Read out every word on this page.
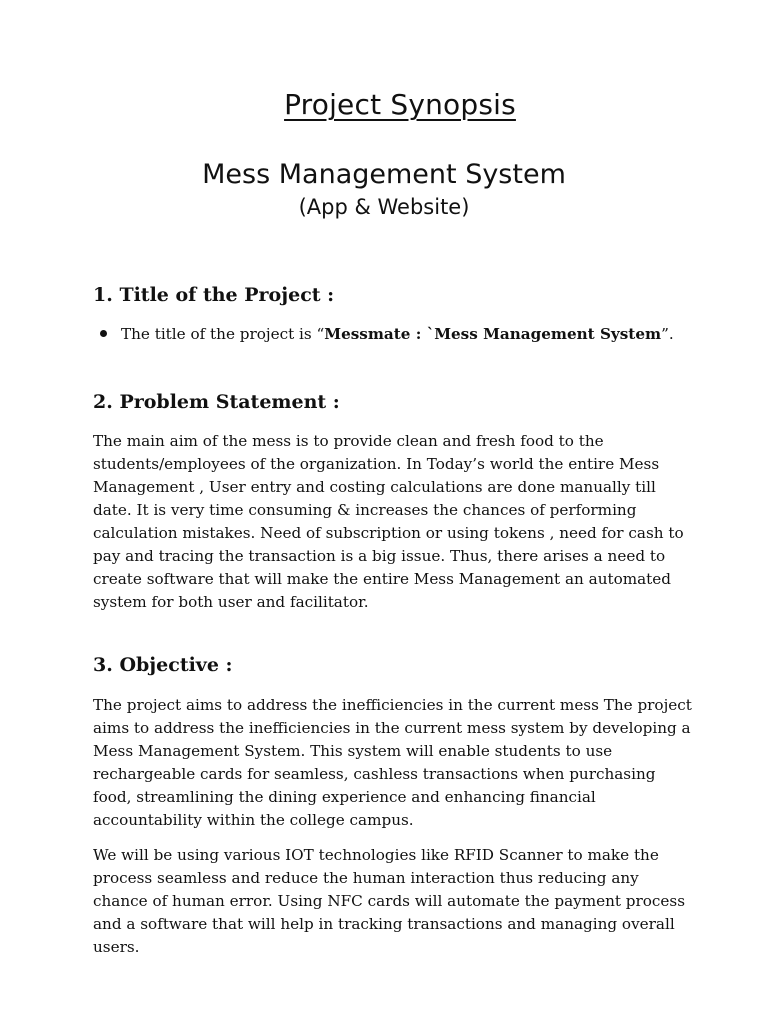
Project Synopsis
Mess Management System
(App & Website)
1. Title of the Project :
The title of the project is “Messmate : `Mess Management System”.
2. Problem Statement :

The main aim of the mess is to provide clean and fresh food to the students/employees of the organization. In Today’s world the entire Mess Management , User entry and costing calculations are done manually till date. It is very time consuming & increases the chances of performing calculation mistakes. Need of subscription or using tokens , need for cash to pay and tracing the transaction is a big issue. Thus, there arises a need to create software that will make the entire Mess Management an automated system for both user and facilitator.

3. Objective :

The project aims to address the inefficiencies in the current mess The project aims to address the inefficiencies in the current mess system by developing a Mess Management System. This system will enable students to use rechargeable cards for seamless, cashless transactions when purchasing food, streamlining the dining experience and enhancing financial accountability within the college campus.

We will be using various IOT technologies like RFID Scanner to make the process seamless and reduce the human interaction thus reducing any chance of human error. Using NFC cards will automate the payment process and a software that will help in tracking transactions and managing overall users.
